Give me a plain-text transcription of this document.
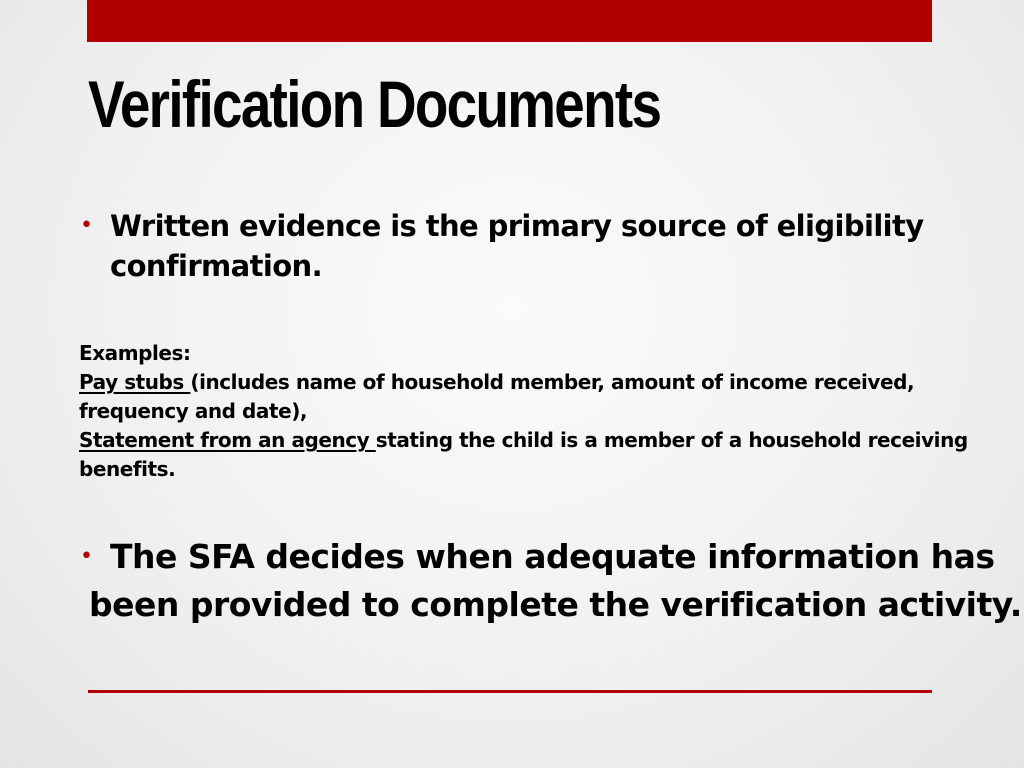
Verification Documents
• Written evidence is the primary source of eligibility confirmation.
Examples:
Pay stubs (includes name of household member, amount of income received, frequency and date),
Statement from an agency stating the child is a member of a household receiving benefits.
• The SFA decides when adequate information has
been provided to complete the verification activity.
